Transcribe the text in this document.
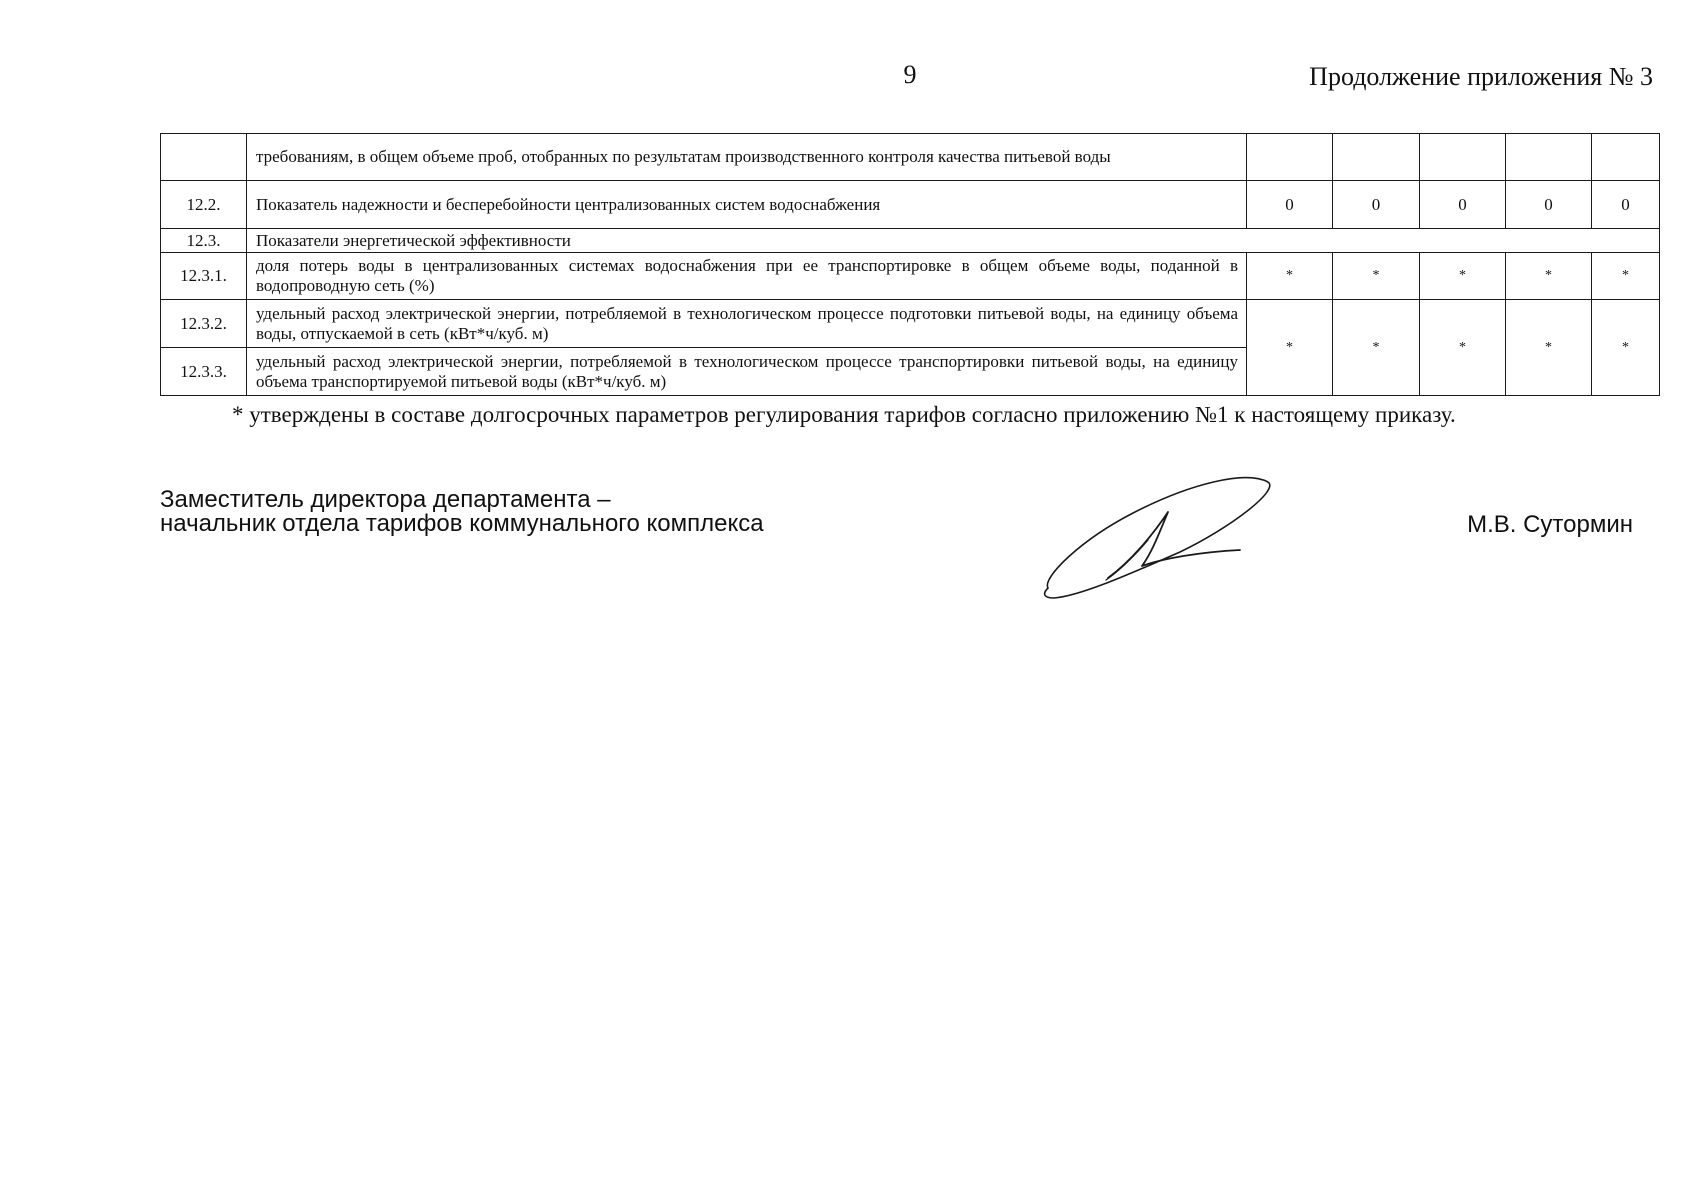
9	Продолжение приложения № 3
	требованиям, в общем объеме проб, отобранных по результатам производственного контроля качества питьевой воды					
12.2.	Показатель надежности и бесперебойности централизованных систем водоснабжения	0	0	0	0	0
12.3.	Показатели энергетической эффективности					
12.3.1.	доля потерь воды в централизованных системах водоснабжения при ее транспортировке в общем объеме воды, поданной в водопроводную сеть (%)	*	*	*	*	*
12.3.2.	удельный расход электрической энергии, потребляемой в технологическом процессе подготовки питьевой воды, на единицу объема воды, отпускаемой в сеть (кВт*ч/куб. м)	*	*	*	*	*
12.3.3.	удельный расход электрической энергии, потребляемой в технологическом процессе транспортировки питьевой воды, на единицу объема транспортируемой питьевой воды (кВт*ч/куб. м)					
* утверждены в составе долгосрочных параметров регулирования тарифов согласно приложению №1 к настоящему приказу.
Заместитель директора департамента –
начальник отдела тарифов коммунального комплекса	М.В. Сутормин
